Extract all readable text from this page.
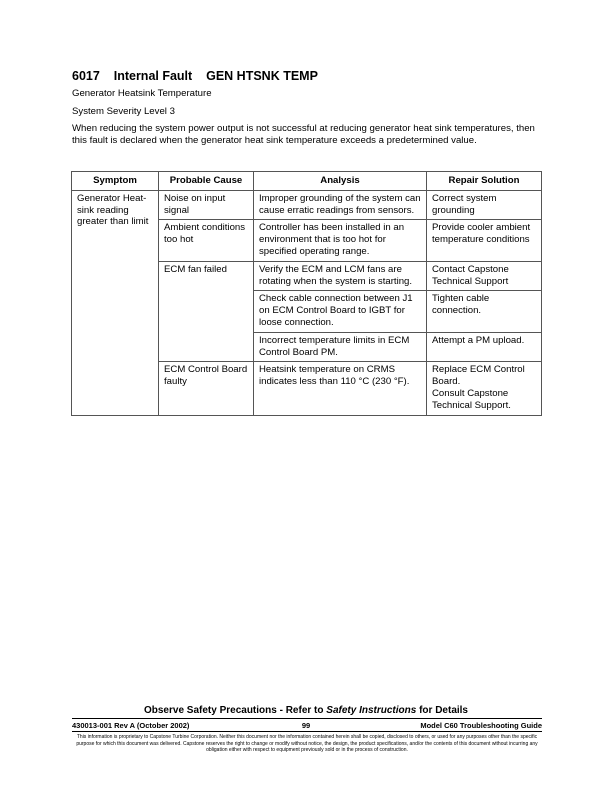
6017 Internal Fault GEN HTSNK TEMP
Generator Heatsink Temperature
System Severity Level 3
When reducing the system power output is not successful at reducing generator heat sink temperatures, then this fault is declared when the generator heat sink temperature exceeds a predetermined value.
Symptom	Probable Cause	Analysis	Repair Solution
Generator Heat-sink reading greater than limit	Noise on input signal	Improper grounding of the system can cause erratic readings from sensors.	Correct system grounding

	Ambient conditions too hot	Controller has been installed in an environment that is too hot for specified operating range.	Provide cooler ambient temperature conditions

	ECM fan failed	Verify the ECM and LCM fans are rotating when the system is starting.	Contact Capstone Technical Support

		Check cable connection between J1 on ECM Control Board to IGBT for loose connection.	Tighten cable connection.

		Incorrect temperature limits in ECM Control Board PM.	Attempt a PM upload.

	ECM Control Board faulty	Heatsink temperature on CRMS indicates less than 110 °C (230 °F).	Replace ECM Control Board.
Consult Capstone Technical Support.
Observe Safety Precautions - Refer to Safety Instructions for Details
430013-001 Rev A (October 2002)	99	Model C60 Troubleshooting Guide
This information is proprietary to Capstone Turbine Corporation. Neither this document nor the information contained herein shall be copied, disclosed to others, or used for any purposes other than the specific purpose for which this document was delivered. Capstone reserves the right to change or modify without notice, the design, the product specifications, and/or the contents of this document without incurring any obligation either with respect to equipment previously sold or in the process of construction.
